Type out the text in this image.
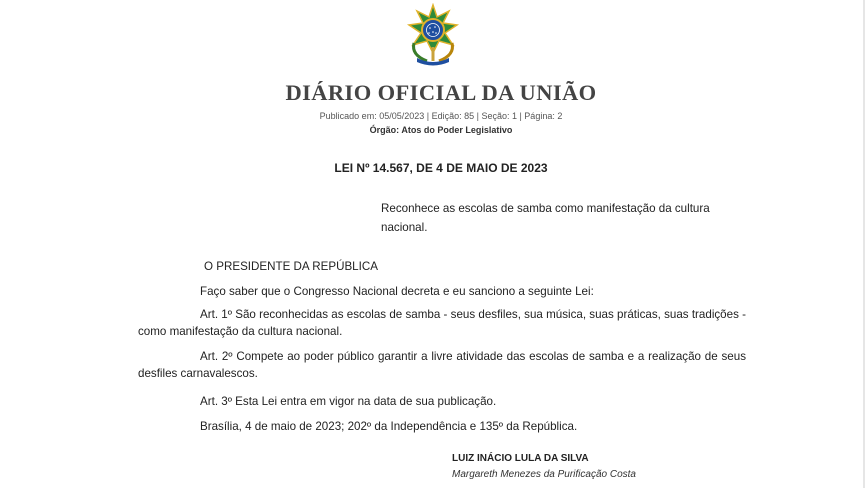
DIÁRIO OFICIAL DA UNIÃO
Publicado em: 05/05/2023 | Edição: 85 | Seção: 1 | Página: 2
Órgão: Atos do Poder Legislativo
LEI Nº 14.567, DE 4 DE MAIO DE 2023
Reconhece as escolas de samba como manifestação da cultura nacional.
O PRESIDENTE DA REPÚBLICA
Faço saber que o Congresso Nacional decreta e eu sanciono a seguinte Lei:
Art. 1º São reconhecidas as escolas de samba - seus desfiles, sua música, suas práticas, suas tradições - como manifestação da cultura nacional.
Art. 2º Compete ao poder público garantir a livre atividade das escolas de samba e a realização de seus desfiles carnavalescos.
Art. 3º Esta Lei entra em vigor na data de sua publicação.
Brasília, 4 de maio de 2023; 202º da Independência e 135º da República.
LUIZ INÁCIO LULA DA SILVA
Margareth Menezes da Purificação Costa
